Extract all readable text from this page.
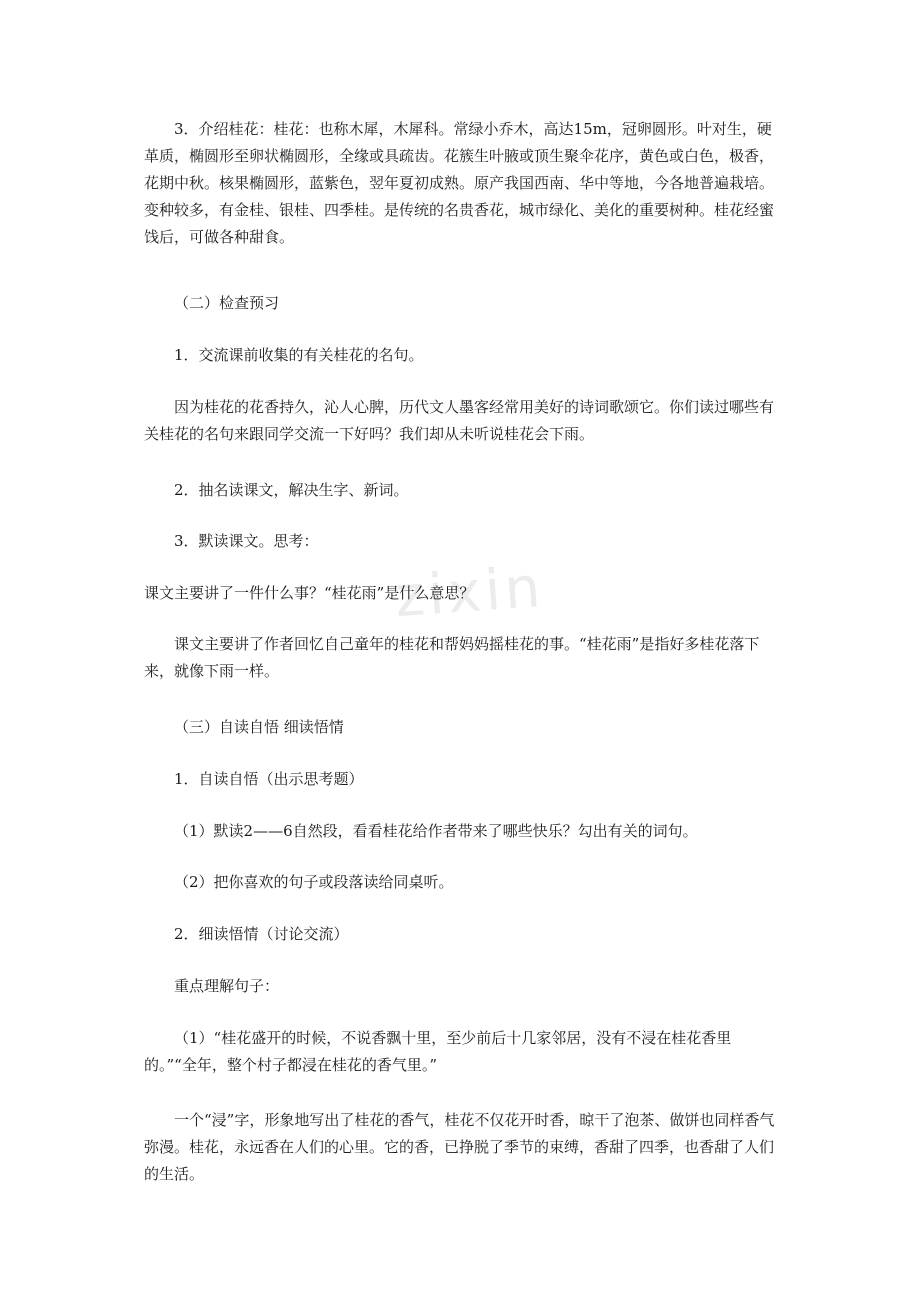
zixin

3．介绍桂花：桂花：也称木犀，木犀科。常绿小乔木，高达15m，冠卵圆形。叶对生，硬革质，椭圆形至卵状椭圆形，全缘或具疏齿。花簇生叶腋或顶生聚伞花序，黄色或白色，极香，花期中秋。核果椭圆形，蓝紫色，翌年夏初成熟。原产我国西南、华中等地，今各地普遍栽培。变种较多，有金桂、银桂、四季桂。是传统的名贵香花，城市绿化、美化的重要树种。桂花经蜜饯后，可做各种甜食。

（二）检查预习

1．交流课前收集的有关桂花的名句。

因为桂花的花香持久，沁人心脾，历代文人墨客经常用美好的诗词歌颂它。你们读过哪些有关桂花的名句来跟同学交流一下好吗？我们却从未听说桂花会下雨。

2．抽名读课文，解决生字、新词。

3．默读课文。思考：

课文主要讲了一件什么事？“桂花雨”是什么意思？

课文主要讲了作者回忆自己童年的桂花和帮妈妈摇桂花的事。“桂花雨”是指好多桂花落下来，就像下雨一样。

（三）自读自悟 细读悟情

1．自读自悟（出示思考题）

（1）默读2——6自然段，看看桂花给作者带来了哪些快乐？勾出有关的词句。

（2）把你喜欢的句子或段落读给同桌听。

2．细读悟情（讨论交流）

重点理解句子：

（1）“桂花盛开的时候，不说香飘十里，至少前后十几家邻居，没有不浸在桂花香里的。”“全年，整个村子都浸在桂花的香气里。”

一个“浸”字，形象地写出了桂花的香气，桂花不仅花开时香，晾干了泡茶、做饼也同样香气弥漫。桂花，永远香在人们的心里。它的香，已挣脱了季节的束缚，香甜了四季，也香甜了人们的生活。
